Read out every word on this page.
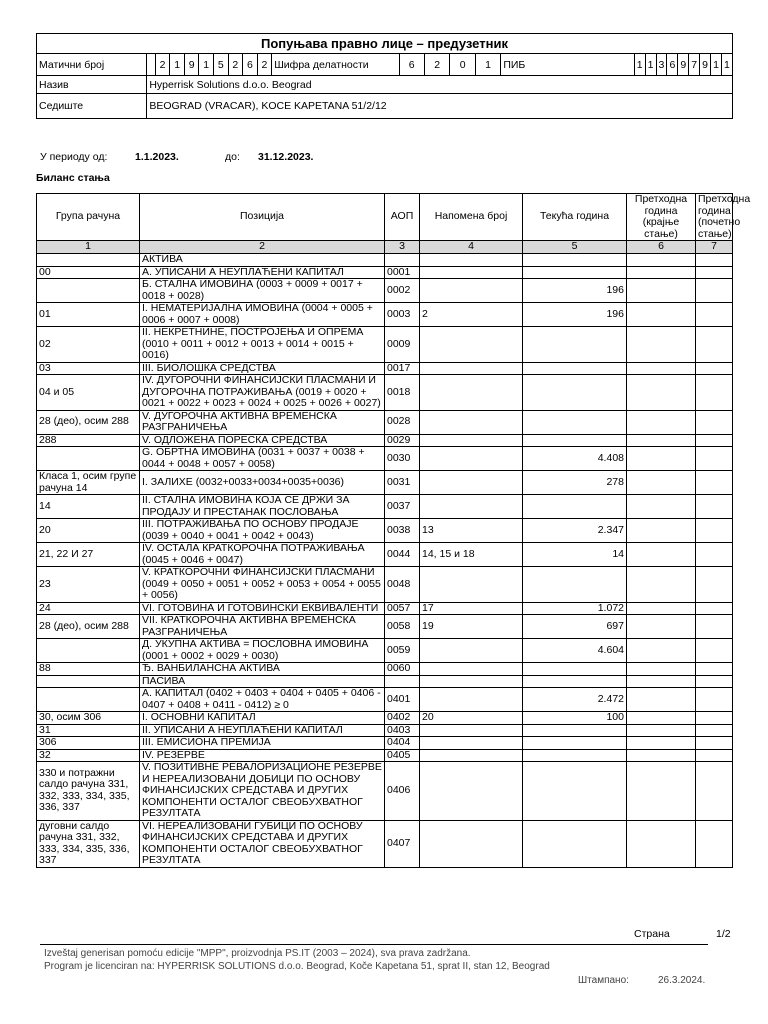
Попуњава правно лице – предузетник																								
Матични број		2	1	9	1	5	2	6	2	Шифра делатности	6	2	0	1	ПИБ	1	1	3	6	9	7	9	1	1
Назив	Hyperrisk Solutions d.o.o. Beograd																							
Седиште	BEOGRAD (VRACAR), KOCE KAPETANA 51/2/12																							
У периоду од:	1.1.2023.	до: 31.12.2023.
Биланс стања
Група рачуна	Позиција	АОП	Напомена број	Текућа година	Претходна година (крајње стање)	Претходна година (почетно стање)
1	2	3	4	5	6	7
	АКТИВА					
00	А. УПИСАНИ А НЕУПЛАЋЕНИ КАПИТАЛ	0001				
	Б. СТАЛНА ИМОВИНА (0003 + 0009 + 0017 + 0018 + 0028)	0002		196		
01	I. НЕМАТЕРИЈАЛНА ИМОВИНА (0004 + 0005 + 0006 + 0007 + 0008)	0003	2	196		
02	II. НЕКРЕТНИНЕ, ПОСТРОЈЕЊА И ОПРЕМА (0010 + 0011 + 0012 + 0013 + 0014 + 0015 + 0016)	0009				
03	III. БИОЛОШКА СРЕДСТВА	0017				
04 и 05	IV. ДУГОРОЧНИ ФИНАНСИЈСКИ ПЛАСМАНИ И ДУГОРОЧНА ПОТРАЖИВАЊА (0019 + 0020 + 0021 + 0022 + 0023 + 0024 + 0025 + 0026 + 0027)	0018				
28 (део), осим 288	V. ДУГОРОЧНА АКТИВНА ВРЕМЕНСКА РАЗГРАНИЧЕЊА	0028				
288	V. ОДЛОЖЕНА ПОРЕСКА СРЕДСТВА	0029				
	G. ОБРТНА ИМОВИНА (0031 + 0037 + 0038 + 0044 + 0048 + 0057 + 0058)	0030		4.408		
Класа 1, осим групе рачуна 14	I. ЗАЛИХЕ (0032+0033+0034+0035+0036)	0031		278		
14	II. СТАЛНА ИМОВИНА КОЈА СЕ ДРЖИ ЗА ПРОДАЈУ И ПРЕСТАНАК ПОСЛОВАЊА	0037				
20	III. ПОТРАЖИВАЊА ПО ОСНОВУ ПРОДАЈЕ (0039 + 0040 + 0041 + 0042 + 0043)	0038	13	2.347		
21, 22 И 27	IV. ОСТАЛА КРАТКОРОЧНА ПОТРАЖИВАЊА (0045 + 0046 + 0047)	0044	14, 15 и 18	14		
23	V. КРАТКОРОЧНИ ФИНАНСИЈСКИ ПЛАСМАНИ (0049 + 0050 + 0051 + 0052 + 0053 + 0054 + 0055 + 0056)	0048				
24	VI. ГОТОВИНА И ГОТОВИНСКИ ЕКВИВАЛЕНТИ	0057	17	1.072		
28 (део), осим 288	VII. КРАТКОРОЧНА АКТИВНА ВРЕМЕНСКА РАЗГРАНИЧЕЊА	0058	19	697		
	Д. УКУПНА АКТИВА = ПОСЛОВНА ИМОВИНА (0001 + 0002 + 0029 + 0030)	0059		4.604		
88	Ђ. ВАНБИЛАНСНА АКТИВА	0060				
	ПАСИВА					
	А. КАПИТАЛ (0402 + 0403 + 0404 + 0405 + 0406 - 0407 + 0408 + 0411 - 0412) ≥ 0	0401		2.472		
30, осим 306	I. ОСНОВНИ КАПИТАЛ	0402	20	100		
31	II. УПИСАНИ А НЕУПЛАЋЕНИ КАПИТАЛ	0403				
306	III. ЕМИСИОНА ПРЕМИЈА	0404				
32	IV. РЕЗЕРВЕ	0405				
330 и потражни салдо рачуна 331, 332, 333, 334, 335, 336, 337	V. ПОЗИТИВНЕ РЕВАЛОРИЗАЦИОНЕ РЕЗЕРВЕ И НЕРЕАЛИЗОВАНИ ДОБИЦИ ПО ОСНОВУ ФИНАНСИЈСКИХ СРЕДСТАВА И ДРУГИХ КОМПОНЕНТИ ОСТАЛОГ СВЕОБУХВАТНОГ РЕЗУЛТАТА	0406				
дуговни салдо рачуна 331, 332, 333, 334, 335, 336, 337	VI. НЕРЕАЛИЗОВАНИ ГУБИЦИ ПО ОСНОВУ ФИНАНСИЈСКИХ СРЕДСТАВА И ДРУГИХ КОМПОНЕНТИ ОСТАЛОГ СВЕОБУХВАТНОГ РЕЗУЛТАТА	0407				
Страна	1/2
Izveštaj generisan pomoću edicije "MPP", proizvodnja PS.IT (2003 – 2024), sva prava zadržana.
Program je licenciran na: HYPERRISK SOLUTIONS d.o.o. Beograd, Koče Kapetana 51, sprat II, stan 12, Beograd
Штампано:	26.3.2024.
